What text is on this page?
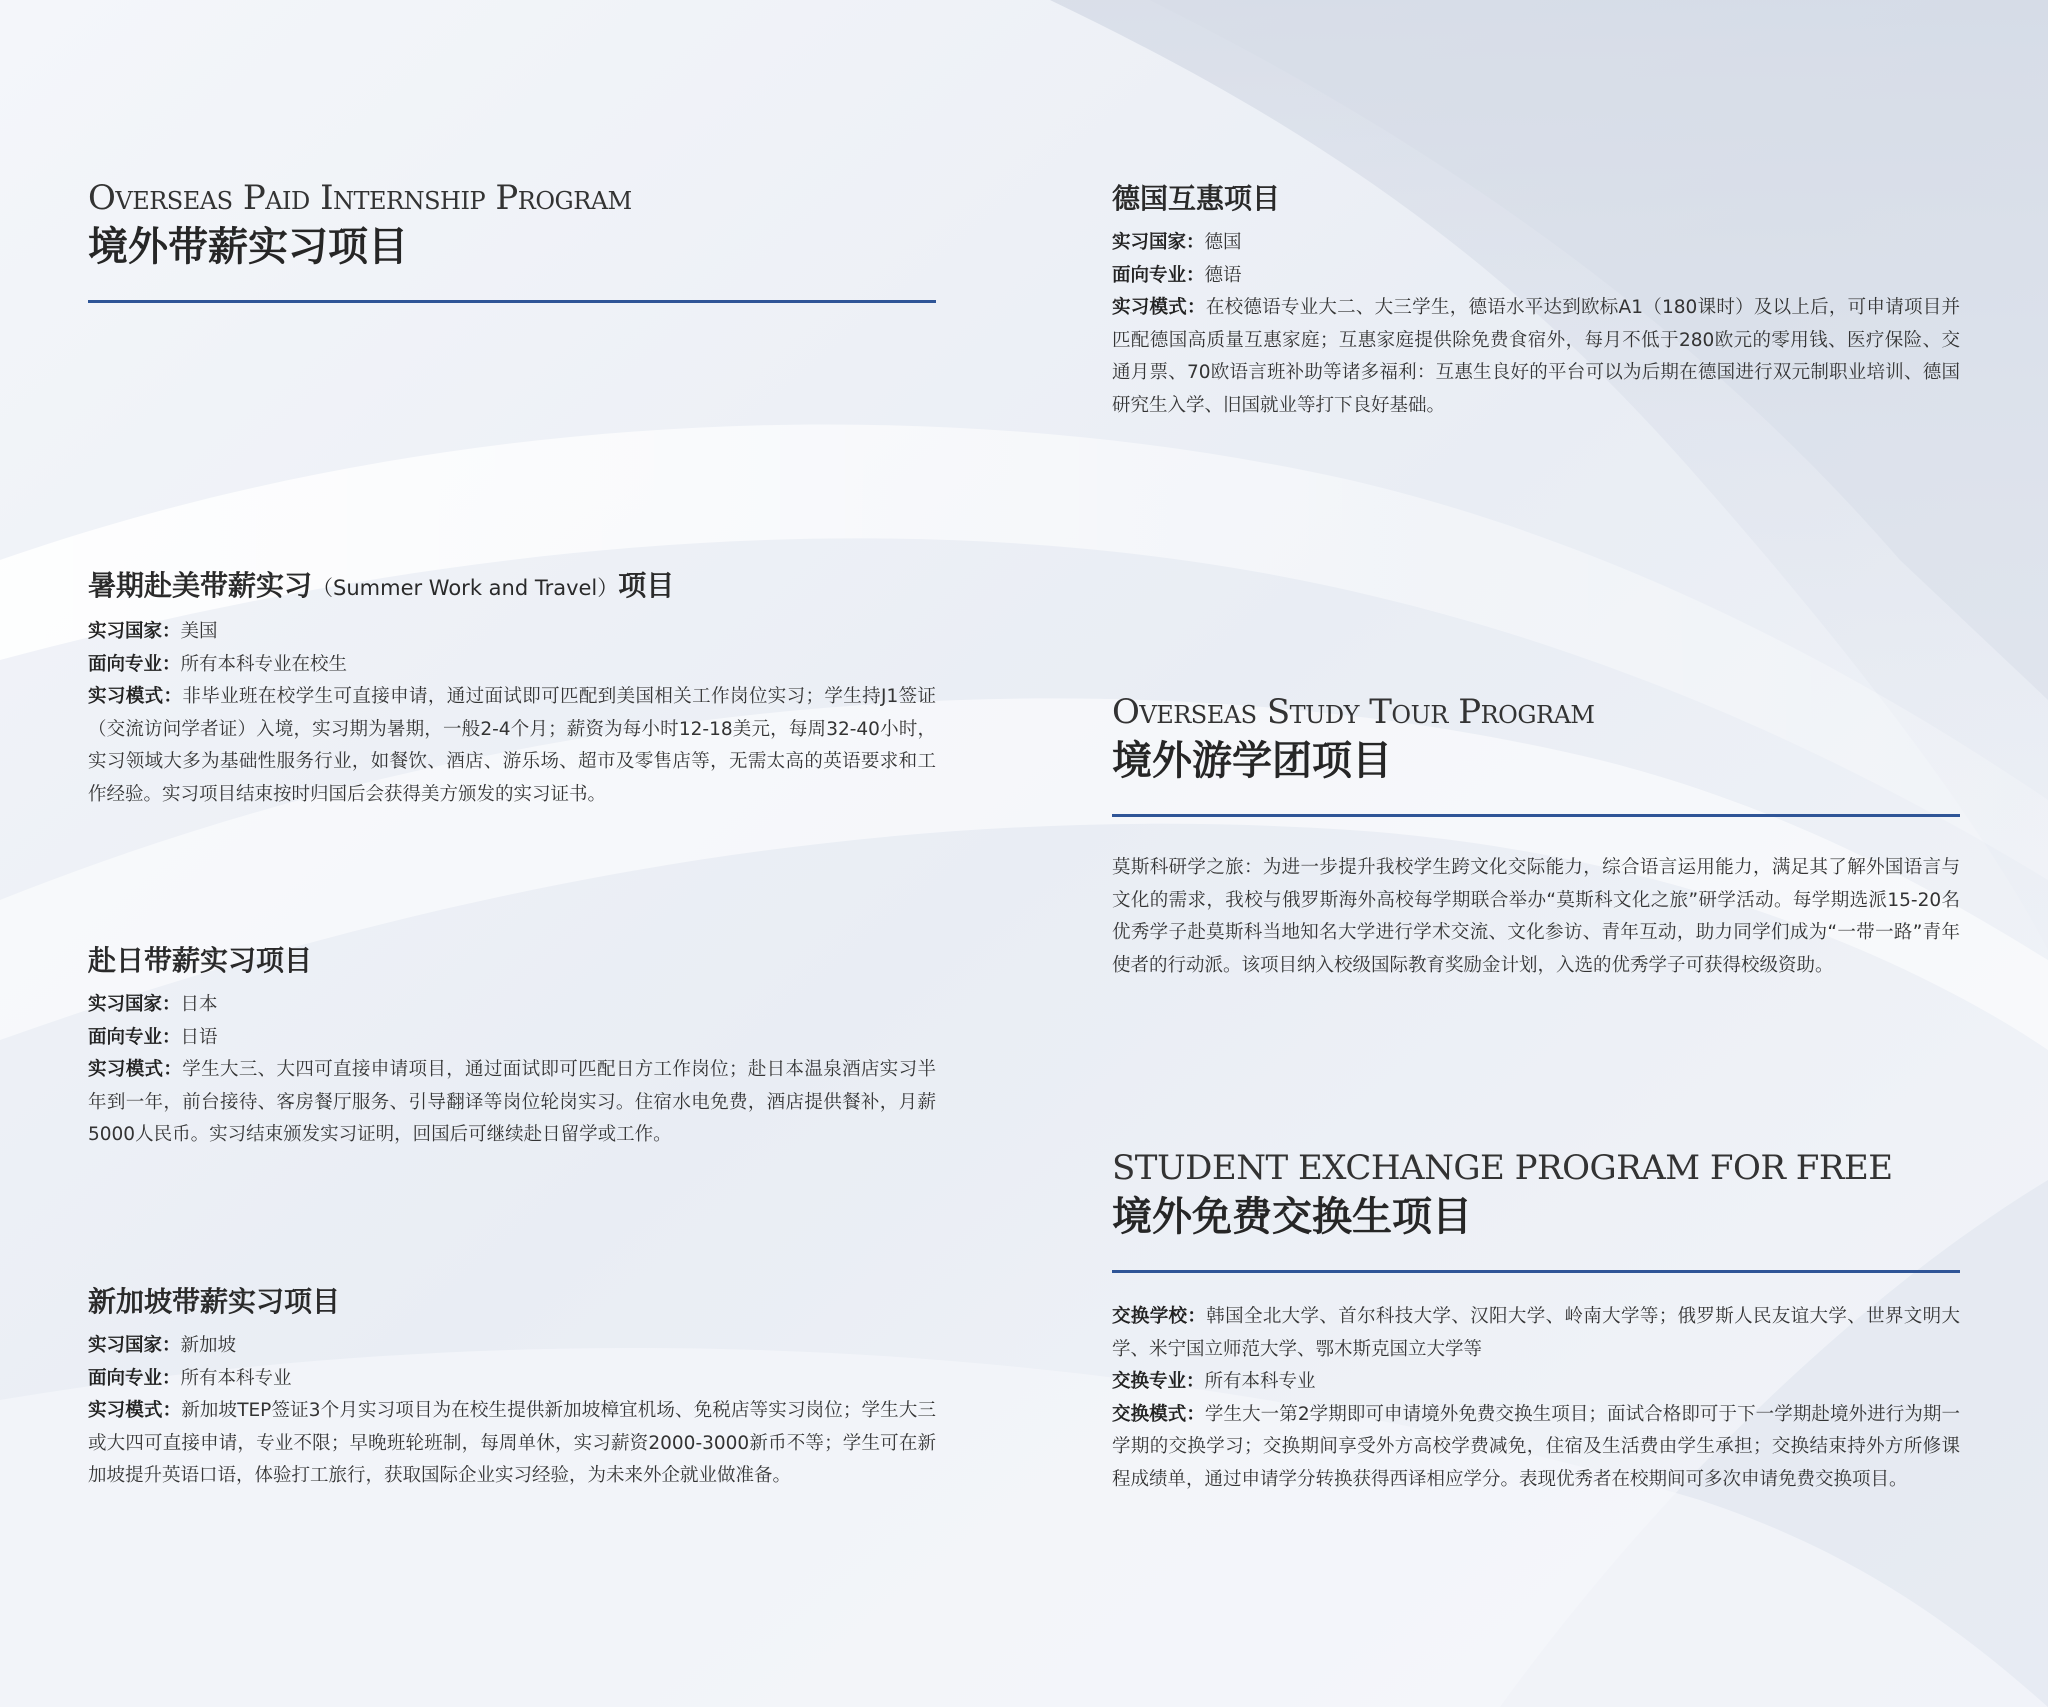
Overseas Paid Internship Program
境外带薪实习项目
暑期赴美带薪实习（Summer Work and Travel）项目
实习国家：美国
面向专业：所有本科专业在校生
实习模式：非毕业班在校学生可直接申请，通过面试即可匹配到美国相关工作岗位实习；学生持J1签证（交流访问学者证）入境，实习期为暑期，一般2-4个月；薪资为每小时12-18美元，每周32-40小时，实习领域大多为基础性服务行业，如餐饮、酒店、游乐场、超市及零售店等，无需太高的英语要求和工作经验。实习项目结束按时归国后会获得美方颁发的实习证书。
赴日带薪实习项目
实习国家：日本
面向专业：日语
实习模式：学生大三、大四可直接申请项目，通过面试即可匹配日方工作岗位；赴日本温泉酒店实习半年到一年，前台接待、客房餐厅服务、引导翻译等岗位轮岗实习。住宿水电免费，酒店提供餐补，月薪5000人民币。实习结束颁发实习证明，回国后可继续赴日留学或工作。
新加坡带薪实习项目
实习国家：新加坡
面向专业：所有本科专业
实习模式：新加坡TEP签证3个月实习项目为在校生提供新加坡樟宜机场、免税店等实习岗位；学生大三或大四可直接申请，专业不限；早晚班轮班制，每周单休，实习薪资2000-3000新币不等；学生可在新加坡提升英语口语，体验打工旅行，获取国际企业实习经验，为未来外企就业做准备。
德国互惠项目
实习国家：德国
面向专业：德语
实习模式：在校德语专业大二、大三学生，德语水平达到欧标A1（180课时）及以上后，可申请项目并匹配德国高质量互惠家庭；互惠家庭提供除免费食宿外，每月不低于280欧元的零用钱、医疗保险、交通月票、70欧语言班补助等诸多福利：互惠生良好的平台可以为后期在德国进行双元制职业培训、德国研究生入学、旧国就业等打下良好基础。
Overseas Study Tour Program
境外游学团项目
莫斯科研学之旅：为进一步提升我校学生跨文化交际能力，综合语言运用能力，满足其了解外国语言与文化的需求，我校与俄罗斯海外高校每学期联合举办“莫斯科文化之旅”研学活动。每学期选派15-20名优秀学子赴莫斯科当地知名大学进行学术交流、文化参访、青年互动，助力同学们成为“一带一路”青年使者的行动派。该项目纳入校级国际教育奖励金计划，入选的优秀学子可获得校级资助。
STUDENT EXCHANGE PROGRAM FOR FREE
境外免费交换生项目
交换学校：韩国全北大学、首尔科技大学、汉阳大学、岭南大学等；俄罗斯人民友谊大学、世界文明大学、米宁国立师范大学、鄂木斯克国立大学等
交换专业：所有本科专业
交换模式：学生大一第2学期即可申请境外免费交换生项目；面试合格即可于下一学期赴境外进行为期一学期的交换学习；交换期间享受外方高校学费减免，住宿及生活费由学生承担；交换结束持外方所修课程成绩单，通过申请学分转换获得西译相应学分。表现优秀者在校期间可多次申请免费交换项目。
